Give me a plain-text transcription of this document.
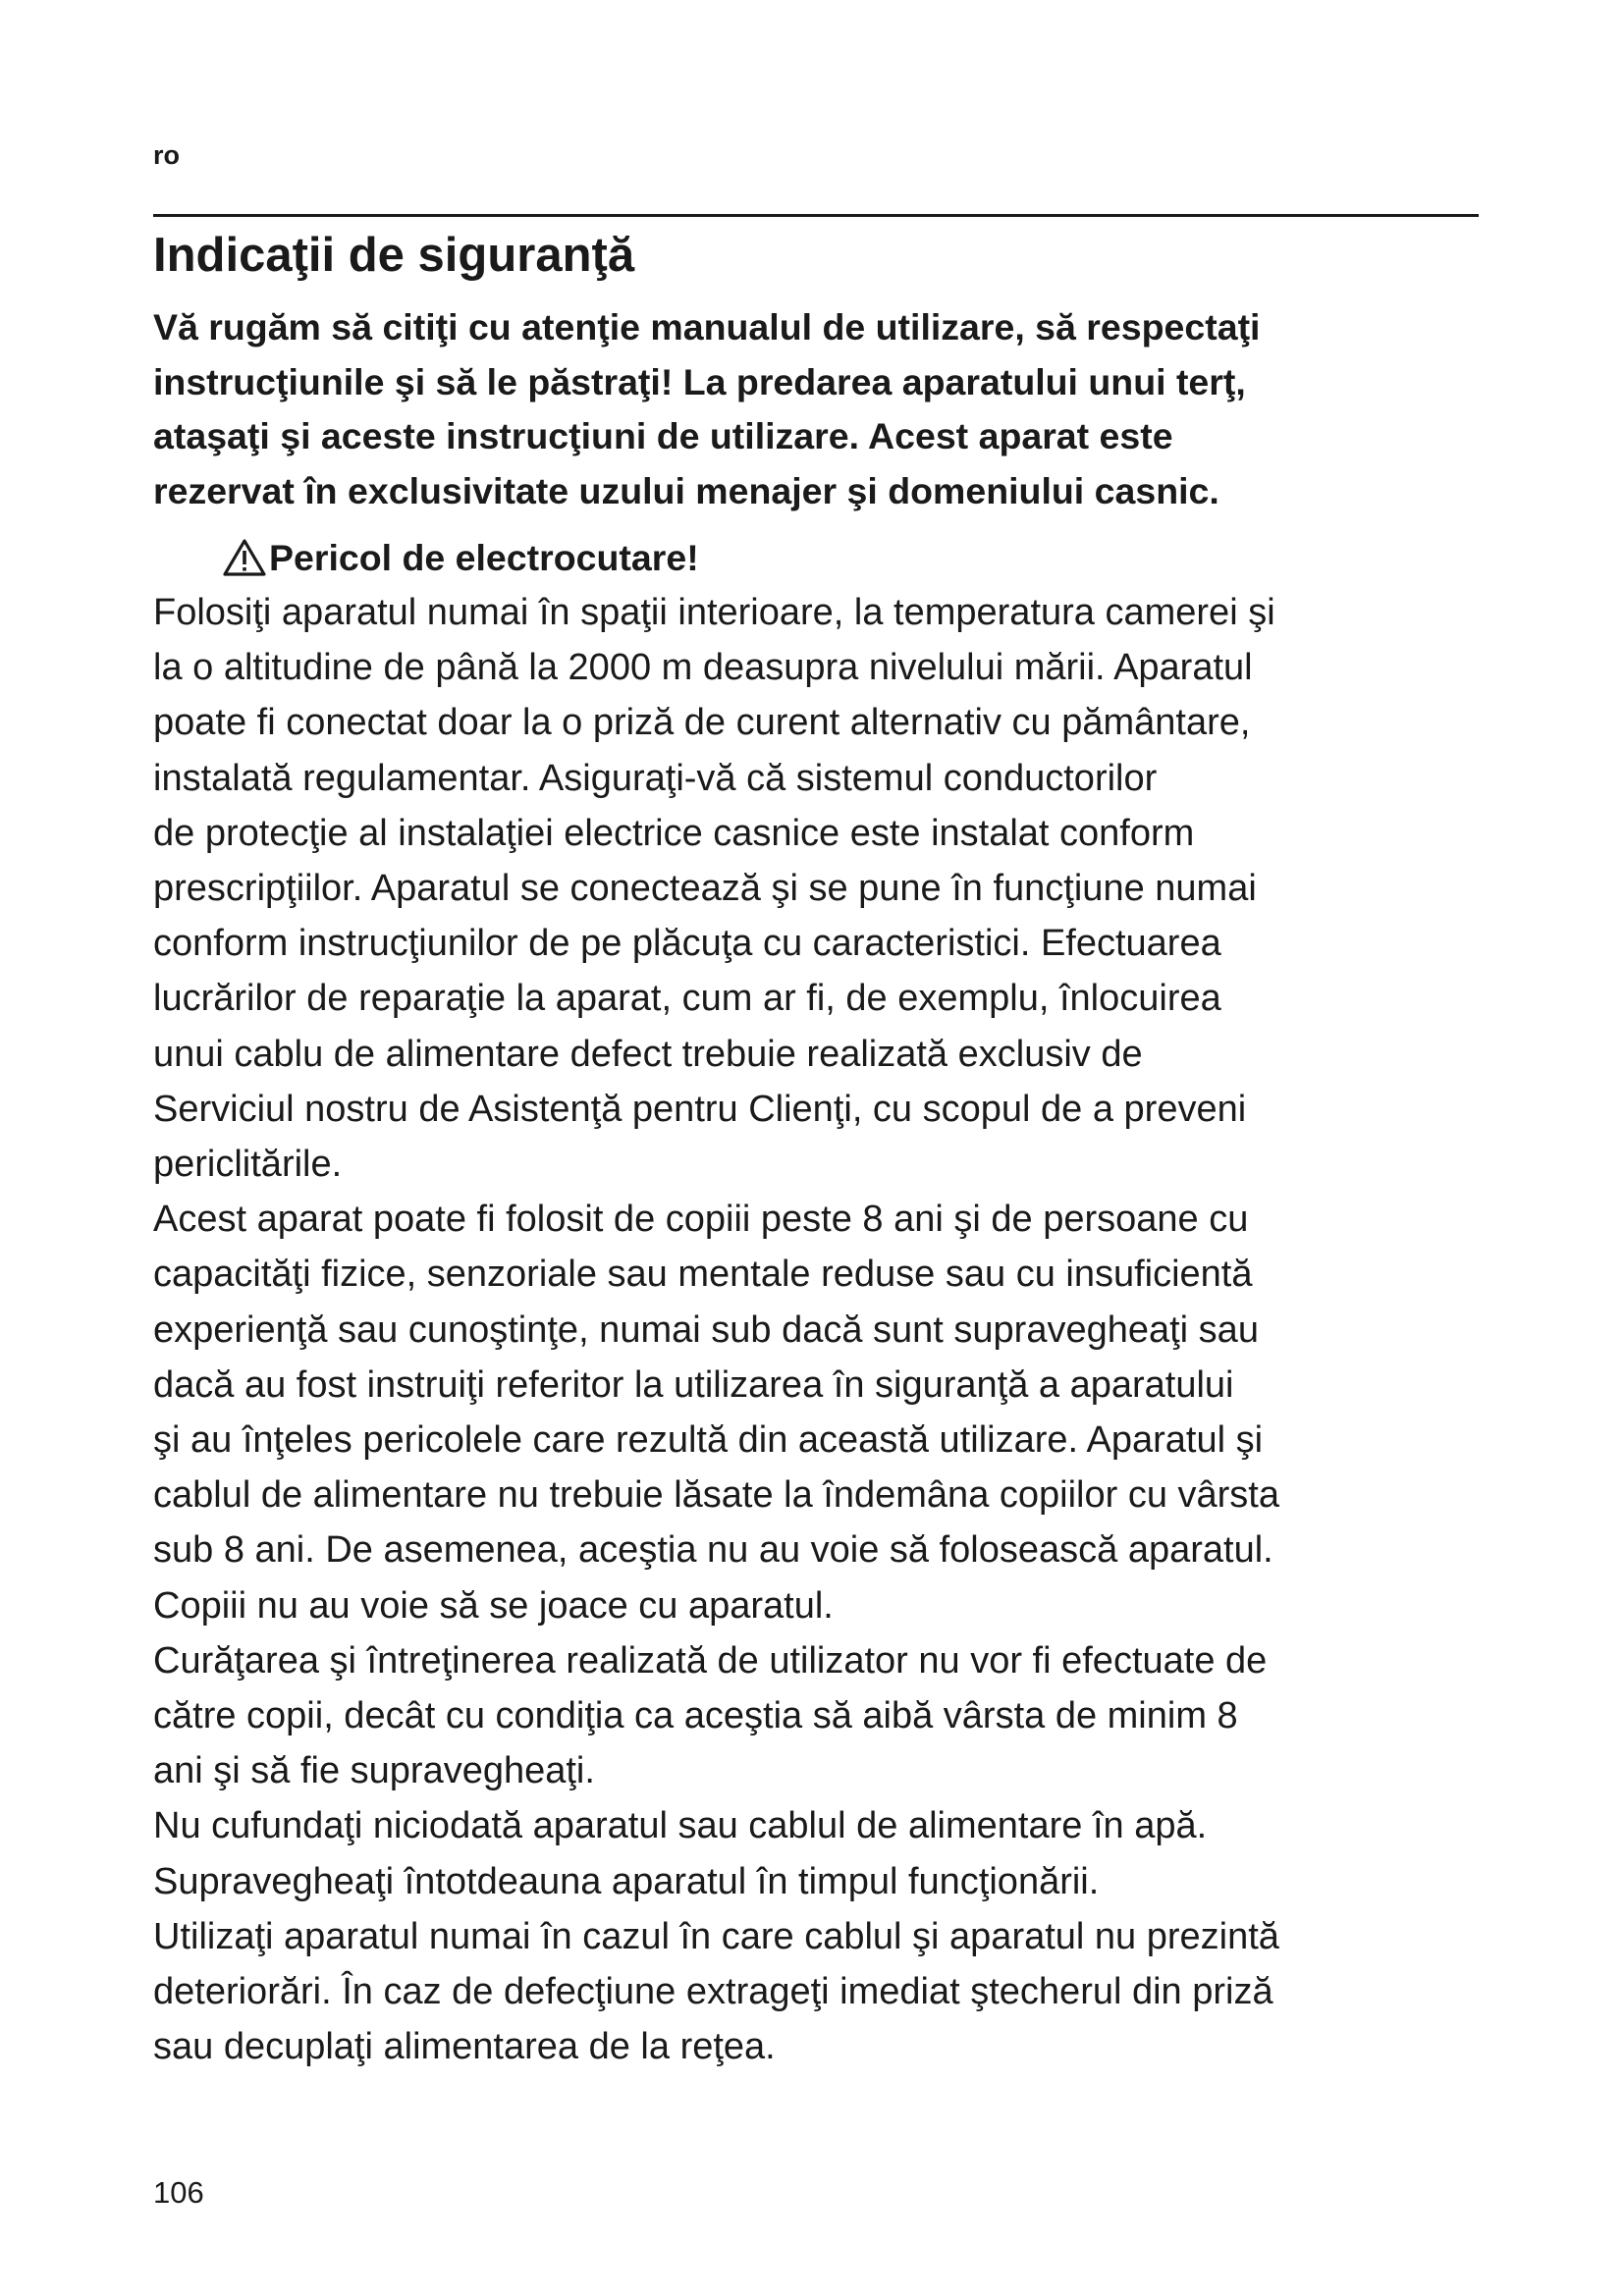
ro
Indicaţii de siguranţă

Vă rugăm să citiţi cu atenţie manualul de utilizare, să respectaţi
instrucţiunile şi să le păstraţi! La predarea aparatului unui terţ,
ataşaţi şi aceste instrucţiuni de utilizare. Acest aparat este
rezervat în exclusivitate uzului menajer şi domeniului casnic.

Pericol de electrocutare!

Folosiţi aparatul numai în spaţii interioare, la temperatura camerei şi
la o altitudine de până la 2000 m deasupra nivelului mării. Aparatul
poate fi conectat doar la o priză de curent alternativ cu pământare,
instalată regulamentar. Asiguraţi-vă că sistemul conductorilor
de protecţie al instalaţiei electrice casnice este instalat conform
prescripţiilor. Aparatul se conectează şi se pune în funcţiune numai
conform instrucţiunilor de pe plăcuţa cu caracteristici. Efectuarea
lucrărilor de reparaţie la aparat, cum ar fi, de exemplu, înlocuirea
unui cablu de alimentare defect trebuie realizată exclusiv de
Serviciul nostru de Asistenţă pentru Clienţi, cu scopul de a preveni
periclitările.

Acest aparat poate fi folosit de copiii peste 8 ani şi de persoane cu
capacităţi fizice, senzoriale sau mentale reduse sau cu insuficientă
experienţă sau cunoştinţe, numai sub dacă sunt supravegheaţi sau
dacă au fost instruiţi referitor la utilizarea în siguranţă a aparatului
şi au înţeles pericolele care rezultă din această utilizare. Aparatul şi
cablul de alimentare nu trebuie lăsate la îndemâna copiilor cu vârsta
sub 8 ani. De asemenea, aceştia nu au voie să folosească aparatul.
Copiii nu au voie să se joace cu aparatul.

Curăţarea şi întreţinerea realizată de utilizator nu vor fi efectuate de
către copii, decât cu condiţia ca aceştia să aibă vârsta de minim 8
ani şi să fie supravegheaţi.

Nu cufundaţi niciodată aparatul sau cablul de alimentare în apă.
Supravegheaţi întotdeauna aparatul în timpul funcţionării.

Utilizaţi aparatul numai în cazul în care cablul şi aparatul nu prezintă
deteriorări. În caz de defecţiune extrageţi imediat ştecherul din priză
sau decuplaţi alimentarea de la reţea.

106
